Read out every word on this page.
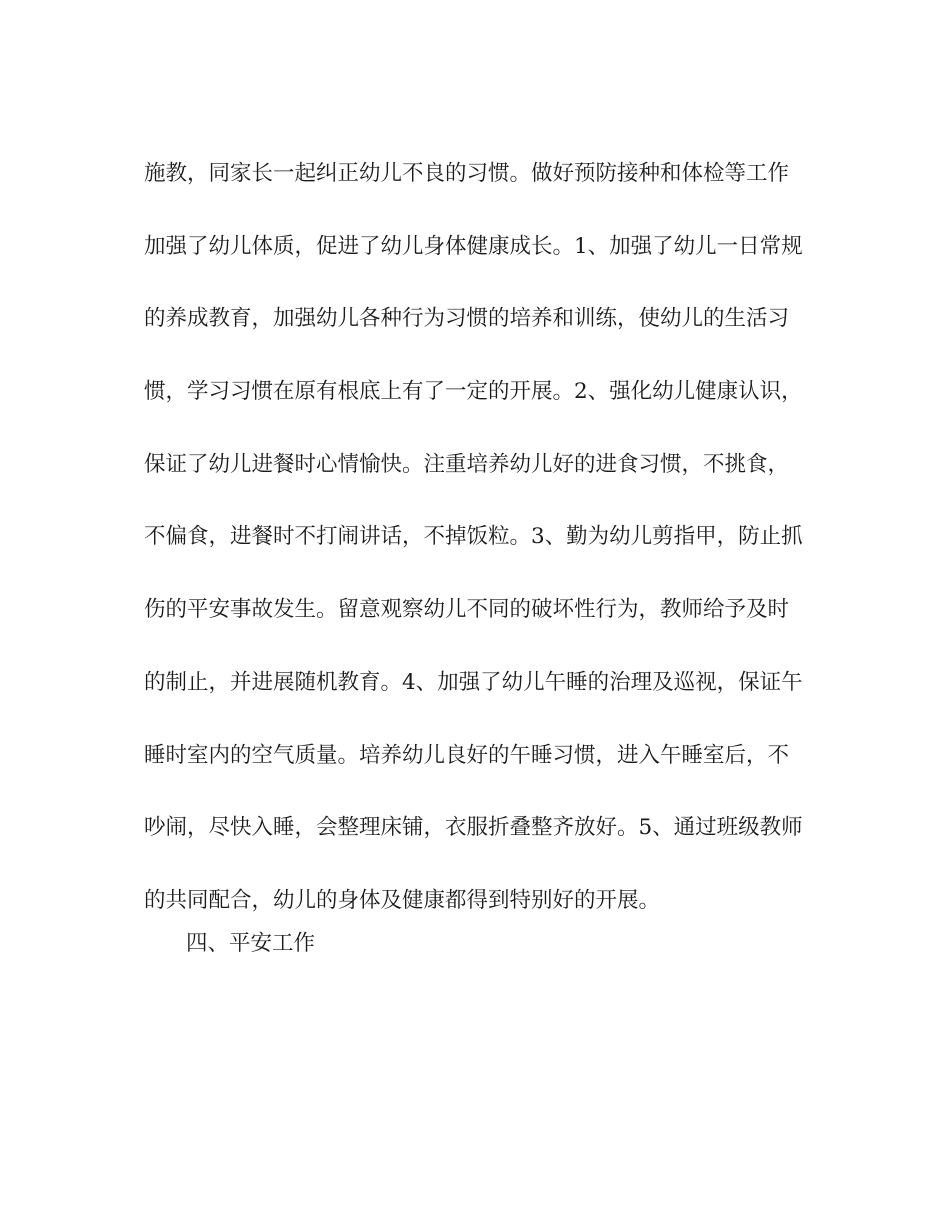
施教，同家长一起纠正幼儿不良的习惯。做好预防接种和体检等工作
加强了幼儿体质，促进了幼儿身体健康成长。1、加强了幼儿一日常规
的养成教育，加强幼儿各种行为习惯的培养和训练，使幼儿的生活习
惯，学习习惯在原有根底上有了一定的开展。2、强化幼儿健康认识，
保证了幼儿进餐时心情愉快。注重培养幼儿好的进食习惯，不挑食，
不偏食，进餐时不打闹讲话，不掉饭粒。3、勤为幼儿剪指甲，防止抓
伤的平安事故发生。留意观察幼儿不同的破坏性行为，教师给予及时
的制止，并进展随机教育。4、加强了幼儿午睡的治理及巡视，保证午
睡时室内的空气质量。培养幼儿良好的午睡习惯，进入午睡室后，不
吵闹，尽快入睡，会整理床铺，衣服折叠整齐放好。5、通过班级教师
的共同配合，幼儿的身体及健康都得到特别好的开展。

四、平安工作
